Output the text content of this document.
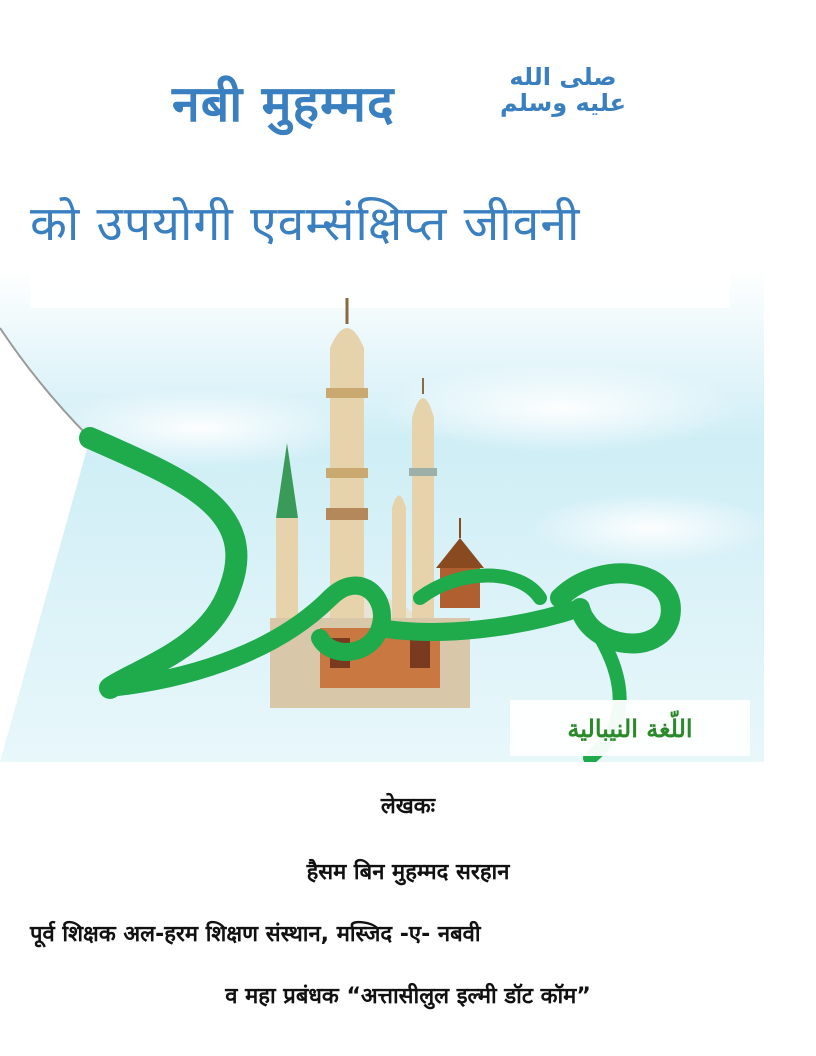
नबी मुहम्मद	صلى الله
عليه وسلم
को उपयोगी एवम्संक्षिप्त जीवनी
اللّغة النيبالية
लेखकः
हैसम बिन मुहम्मद सरहान
पूर्व शिक्षक अल-हरम शिक्षण संस्थान, मस्जिद -ए- नबवी
व महा प्रबंधक “अत्तासीलुल इल्मी डॉट कॉम”
